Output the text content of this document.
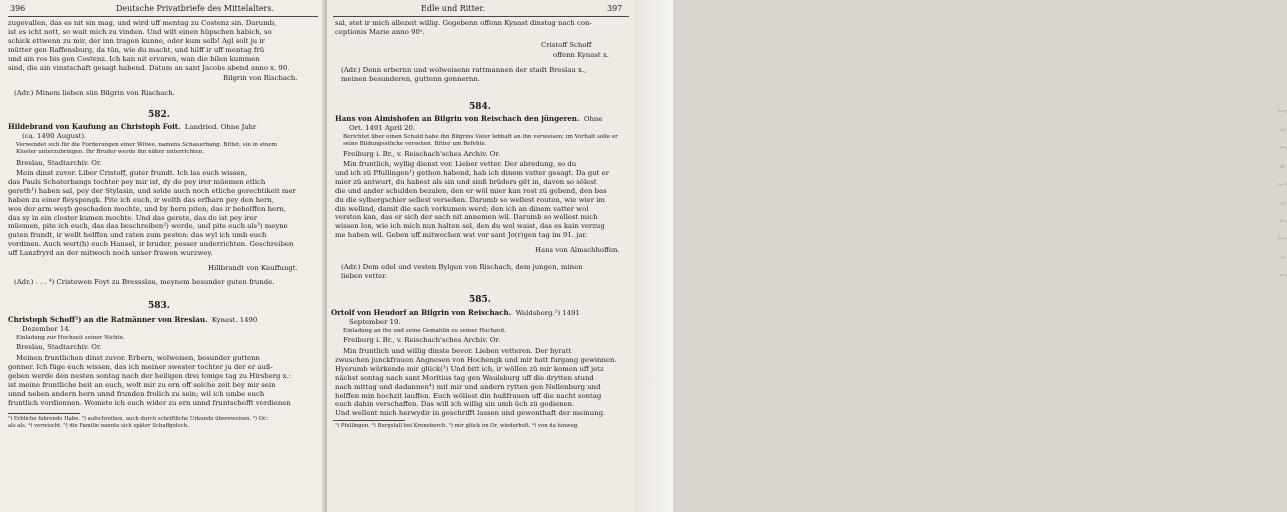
396	Deutsche Privatbriefe des Mittelalters.
zugevallen, das es nit sin mag, und wird uff mentag zu Costenz sin. Darumb,
ist es icht nott, so wait mich zu vinden. Und wilt einen hüpschen habich, so
schick ettwenn zu mir, der inn tragen kunne, oder kum selb! Agl solt ju ir
mütter gen Raffensburg, da tün, wie du macht, und hilff ir uff mentag frü
und ain ros bis gen Costenz. Ich kan nit ervaren, wan die bilen kummen
sind, die ain vinstschaft gesagt habend. Datum an sant Jacobs abend anno x. 90.
Bilgrin von Rischach.
(Adr.) Minem lieben sün Bilgrin von Rischach.
582.
Hildebrand von Kaufung an Christoph Foit. Landried. Ohne Jahr
(ca. 1490 August).
Verwendet sich für die Forderungen einer Witwe, namens Schauerbang. Bittet, sie in einem
Kloster unterzubringen. Ihr Bruder werde ihn näher unterrichten.
Breslau, Stadtarchiv. Or.
Mein dinst zuvor. Liber Cristoff, guter frundt. Ich las euch wissen,
das Pauls Schaterbangs tochter pey mir ist, dy do pey irer müemen etlich
gereth¹) haben sal, pey der Stylasin, und solde auch noch etliche gerechtikeit mer
haben zu einer fleyspengk. Pite ich euch, ir wolth das erfharn pey den hern,
wos der arm weyb geschaden mochte, und by hern piten, das ir beholffen hern,
das sy in ein closter kumen mochte. Und das gerete, das do ist pey irer
müemen, pite ich euch, das das beschreiben²) werde, und pite euch als³) meyne
guten frundt, ir wellt helffen und raten zum pesten: das wyl ich umb euch
vordinen. Auch wert(h) euch Hansel, ir bruder, pesser underrichten. Geschreiben
uff Lanzfryrd an der mitwoch noch unser frawen wurzwey.
Hillbrandt von Kauffungt.
(Adr.) . . . ⁴) Cristowen Foyt zu Bressslau, meynem besunder guten frunde.
583.
Christoph Schoff⁵) an die Ratmänner von Breslau. Kynast. 1490
Dezember 14.
Einladung zur Hochzeit seiner Nichte.
Breslau, Stadtarchiv. Or.
Meinen fruntlichen dinst zuvor. Erbern, wolweisen, besunder guttenn
gonner. Ich füge euch wissen, das ich meiner swester tochter ju der er auß-
geben werde den nesten sontag nach der heiligen drei tonige tag zu Hirsberg x.:
ist meine fruntliche beit an euch, wolt mir zu ern off solche zeit bey mir sein
unnd neben andern hern unnd frunden frolich zu sein; wil ich umbe euch
fruntlich vordiennen. Womete ich euch wider zu ern unnd fruntschefft vordienen
¹) Erbliche fahrende Habe. ²) aufschreiben, auch durch schriftliche Urkunde übereweisen. ³) Or.:
als als. ⁴) verwischt. ⁵) die Familie nannte sich später Schaffgotsch.
Edle und Ritter.	397
sal, stet ir mich allezeit willig. Gegebenn offenn Kynast dinstag nach con-
ceptionis Marie anno 90ᵒ.
Cristoff Schoff
offenn Kynast x.
(Adr.) Denn erbernn und wolweisenn rattmannen der stadt Breslau x.,
meinen besunderen, guttenn gonnernn.
584.
Hans von Almishofen an Bilgrin von Reischach den jüngeren. Ohne
Ort. 1491 April 20.
Berichtet über einen Schuld habe ihn Bilgrins Vater lebhaft an ihn verweisen; im Vorhalt solle er
seine Bildungsstücke versehen. Bitter um Befehle.
Freiburg i. Br., v. Reischach'sches Archiv. Or.
Min fruntlich, wyllig dienst vor. Lieber vetter. Der abredung, so du
und ich zü Pfullingen¹) gethon habend, hab ich dinem vatter gesagt. Da gut er
mier zü antwurt, du habest als sin und sinß brüders gët in, davon so sölest
die und ander schulden bezalen, den er wöl mier kan rost zü gebend, den bas
du die sylbergschier sellest verseßen. Darumb so wellest routen, wie wier im
din wellind, damit die sach vorkumen werd; den ich an dinem vatter wol
verston kan, das er sich der sach nit annemen wil. Darumb so wellest mich
wissen lon, wie ich mich nun halten sol, den du wol waist, das es kain verzug
me haben wil. Geben uff mitwochen wst vor sant Jo(r)gen tag im 91. jar.
Hans von Almschhoffen.
(Adr.) Dem edel und vesten Bylgen von Rischach, dem jungen, minen
lieben vetter.
585.
Ortolf von Heudorf an Bilgrin von Reischach. Waldsberg.²) 1491
September 19.
Einladung an ihn und seine Gemahlin zu seiner Hochzeit.
Freiburg i. Br., v. Reischach'sches Archiv. Or.
Min fruntlich und willig dinste bevor. Lieben vetteren. Der hyratt
zwuschen junckfrauen Angnesen von Hochengk und mir hatt furgang gewinnen.
Hyerumb würkende mir glück(³) Und bitt ich, ir wöllen zü mir komen uff jetz
nächst sontag nach sant Moritius tag gen Waulsburg uff die drytten stund
nach mittag und dadannen⁴) mit mir und andern rytten gen Nellenburg und
helffen min hochzit lauffen. Euch wöllest din hußfrauen uff die nacht sontag
euch dahin verschaffen. Das will ich willig sin umb üch zü gedienen.
Und wellent mich herwydir in geschrifft lassen und gewonthaft der meinung.
¹) Pfullingen. ²) Burgstall bei Kroneberch. ³) mir glück im Or. wiederholt. ⁴) von da hinweg.
ʃ  ꝛ  ſ  ꞩ  ʃ  ꝛ  ſ  ʃ  ꝛ  ſ
